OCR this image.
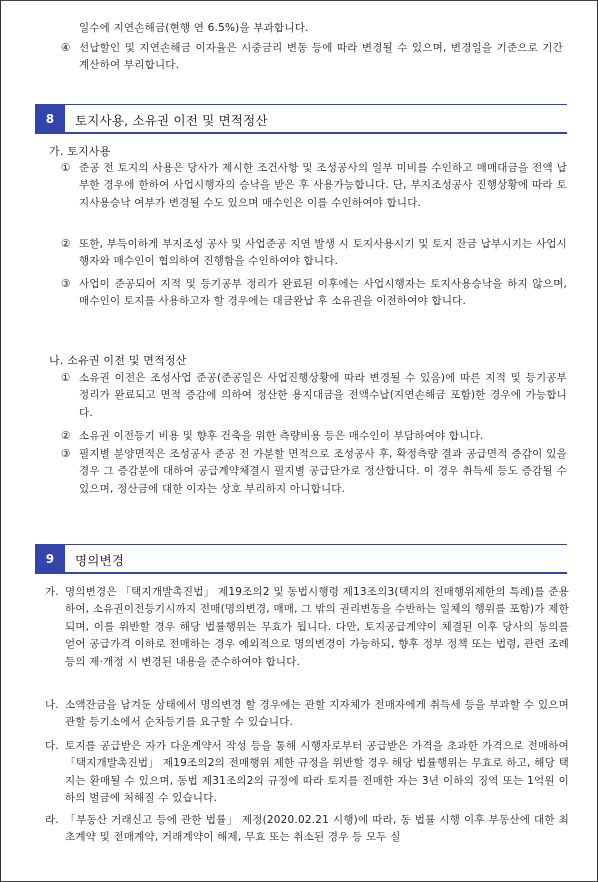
일수에 지연손해금(현행 연 6.5%)을 부과합니다.
④ 선납할인 및 지연손해금 이자율은 시중금리 변동 등에 따라 변경될 수 있으며, 변경일을 기준으로 기간 계산하여 부리합니다.
8	토지사용, 소유권 이전 및 면적정산
가. 토지사용
① 준공 전 토지의 사용은 당사가 제시한 조건사항 및 조성공사의 일부 미비를 수인하고 매매대금을 전액 납부한 경우에 한하여 사업시행자의 승낙을 받은 후 사용가능합니다. 단, 부지조성공사 진행상황에 따라 토지사용승낙 여부가 변경될 수도 있으며 매수인은 이를 수인하여야 합니다.
② 또한, 부득이하게 부지조성 공사 및 사업준공 지연 발생 시 토지사용시기 및 토지 잔금 납부시기는 사업시행자와 매수인이 협의하여 진행함을 수인하여야 합니다.
③ 사업이 준공되어 지적 및 등기공부 정리가 완료된 이후에는 사업시행자는 토지사용승낙을 하지 않으며, 매수인이 토지를 사용하고자 할 경우에는 대금완납 후 소유권을 이전하여야 합니다.
나. 소유권 이전 및 면적정산
① 소유권 이전은 조성사업 준공(준공일은 사업진행상황에 따라 변경될 수 있음)에 따른 지적 및 등기공부 정리가 완료되고 면적 증감에 의하여 정산한 용지대금을 전액수납(지연손해금 포함)한 경우에 가능합니다.
② 소유권 이전등기 비용 및 향후 건축을 위한 측량비용 등은 매수인이 부담하여야 합니다.
③ 필지별 분양면적은 조성공사 준공 전 가분할 면적으로 조성공사 후, 확정측량 결과 공급면적 증감이 있을 경우 그 증감분에 대하여 공급계약체결시 필지별 공급단가로 정산합니다. 이 경우 취득세 등도 증감될 수 있으며, 정산금에 대한 이자는 상호 부리하지 아니합니다.
9	명의변경
가. 명의변경은 「택지개발촉진법」 제19조의2 및 동법시행령 제13조의3(택지의 전매행위제한의 특례)를 준용하여, 소유권이전등기시까지 전매(명의변경, 매매, 그 밖의 권리변동을 수반하는 일체의 행위를 포함)가 제한되며, 이를 위반할 경우 해당 법률행위는 무효가 됩니다. 다만, 토지공급계약이 체결된 이후 당사의 동의를 얻어 공급가격 이하로 전매하는 경우 예외적으로 명의변경이 가능하되, 향후 정부 정책 또는 법령, 관련 조례 등의 제·개정 시 변경된 내용을 준수하여야 합니다.
나. 소액잔금을 남겨둔 상태에서 명의변경 할 경우에는 관할 지자체가 전매자에게 취득세 등을 부과할 수 있으며 관할 등기소에서 순차등기를 요구할 수 있습니다.
다. 토지를 공급받은 자가 다운계약서 작성 등을 통해 시행자로부터 공급받은 가격을 초과한 가격으로 전매하여 「택지개발촉진법」 제19조의2의 전매행위 제한 규정을 위반할 경우 해당 법률행위는 무효로 하고, 해당 택지는 환매될 수 있으며, 동법 제31조의2의 규정에 따라 토지를 전매한 자는 3년 이하의 징역 또는 1억원 이하의 벌금에 처해질 수 있습니다.
라. 「부동산 거래신고 등에 관한 법률」 제정(2020.02.21 시행)에 따라, 동 법률 시행 이후 부동산에 대한 최초계약 및 전매계약, 거래계약이 해제, 무효 또는 취소된 경우 등 모두 실
